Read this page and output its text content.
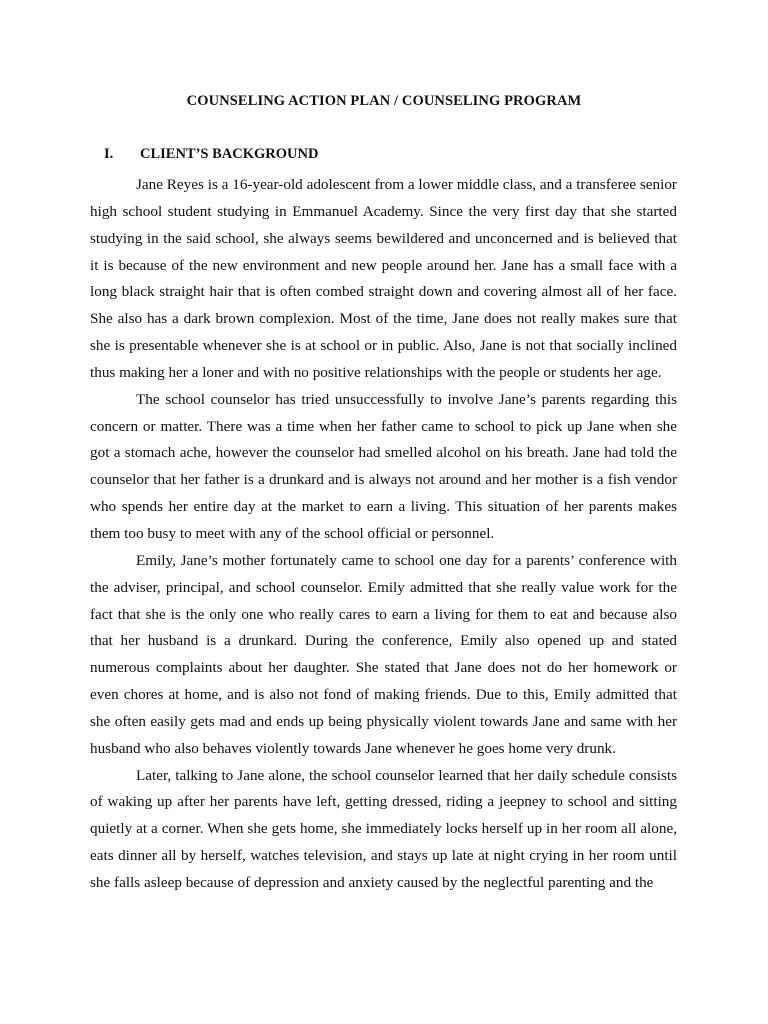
COUNSELING ACTION PLAN / COUNSELING PROGRAM
I. CLIENT’S BACKGROUND

Jane Reyes is a 16-year-old adolescent from a lower middle class, and a transferee senior high school student studying in Emmanuel Academy. Since the very first day that she started studying in the said school, she always seems bewildered and unconcerned and is believed that it is because of the new environment and new people around her. Jane has a small face with a long black straight hair that is often combed straight down and covering almost all of her face. She also has a dark brown complexion. Most of the time, Jane does not really makes sure that she is presentable whenever she is at school or in public. Also, Jane is not that socially inclined thus making her a loner and with no positive relationships with the people or students her age.

The school counselor has tried unsuccessfully to involve Jane’s parents regarding this concern or matter. There was a time when her father came to school to pick up Jane when she got a stomach ache, however the counselor had smelled alcohol on his breath. Jane had told the counselor that her father is a drunkard and is always not around and her mother is a fish vendor who spends her entire day at the market to earn a living. This situation of her parents makes them too busy to meet with any of the school official or personnel.

Emily, Jane’s mother fortunately came to school one day for a parents’ conference with the adviser, principal, and school counselor. Emily admitted that she really value work for the fact that she is the only one who really cares to earn a living for them to eat and because also that her husband is a drunkard. During the conference, Emily also opened up and stated numerous complaints about her daughter. She stated that Jane does not do her homework or even chores at home, and is also not fond of making friends. Due to this, Emily admitted that she often easily gets mad and ends up being physically violent towards Jane and same with her husband who also behaves violently towards Jane whenever he goes home very drunk.

Later, talking to Jane alone, the school counselor learned that her daily schedule consists of waking up after her parents have left, getting dressed, riding a jeepney to school and sitting quietly at a corner. When she gets home, she immediately locks herself up in her room all alone, eats dinner all by herself, watches television, and stays up late at night crying in her room until she falls asleep because of depression and anxiety caused by the neglectful parenting and the
